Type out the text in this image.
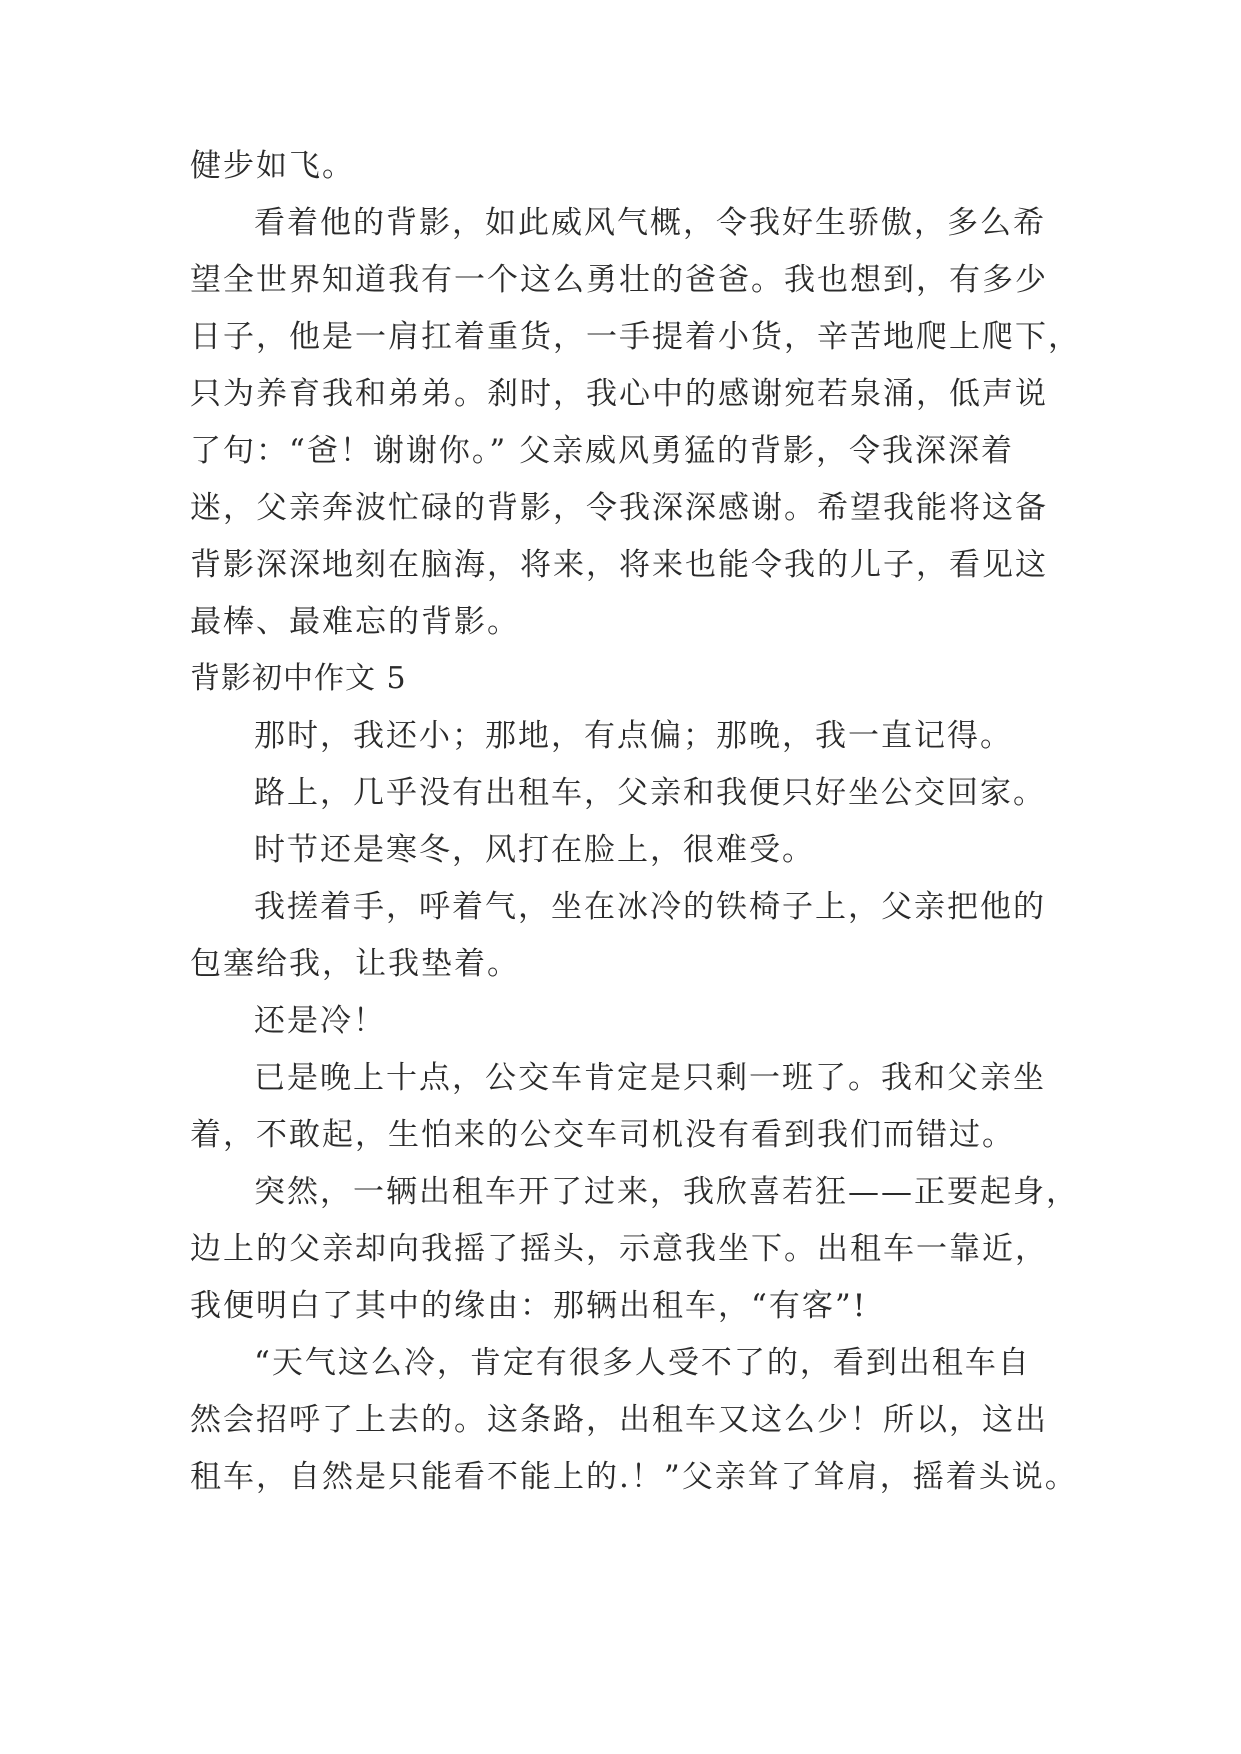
健步如飞。

看着他的背影，如此威风气概，令我好生骄傲，多么希

望全世界知道我有一个这么勇壮的爸爸。我也想到，有多少

日子，他是一肩扛着重货，一手提着小货，辛苦地爬上爬下，

只为养育我和弟弟。刹时，我心中的感谢宛若泉涌，低声说

了句：“爸！谢谢你。” 父亲威风勇猛的背影，令我深深着

迷，父亲奔波忙碌的背影，令我深深感谢。希望我能将这备

背影深深地刻在脑海，将来，将来也能令我的儿子，看见这

最棒、最难忘的背影。

背影初中作文 5

那时，我还小；那地，有点偏；那晚，我一直记得。

路上，几乎没有出租车，父亲和我便只好坐公交回家。

时节还是寒冬，风打在脸上，很难受。

我搓着手，呼着气，坐在冰冷的铁椅子上，父亲把他的

包塞给我，让我垫着。

还是冷！

已是晚上十点，公交车肯定是只剩一班了。我和父亲坐

着，不敢起，生怕来的公交车司机没有看到我们而错过。

突然，一辆出租车开了过来，我欣喜若狂——正要起身，

边上的父亲却向我摇了摇头，示意我坐下。出租车一靠近，

我便明白了其中的缘由：那辆出租车，“有客”!

“天气这么冷，肯定有很多人受不了的，看到出租车自

然会招呼了上去的。这条路，出租车又这么少！所以，这出

租车，自然是只能看不能上的.！”父亲耸了耸肩，摇着头说。
